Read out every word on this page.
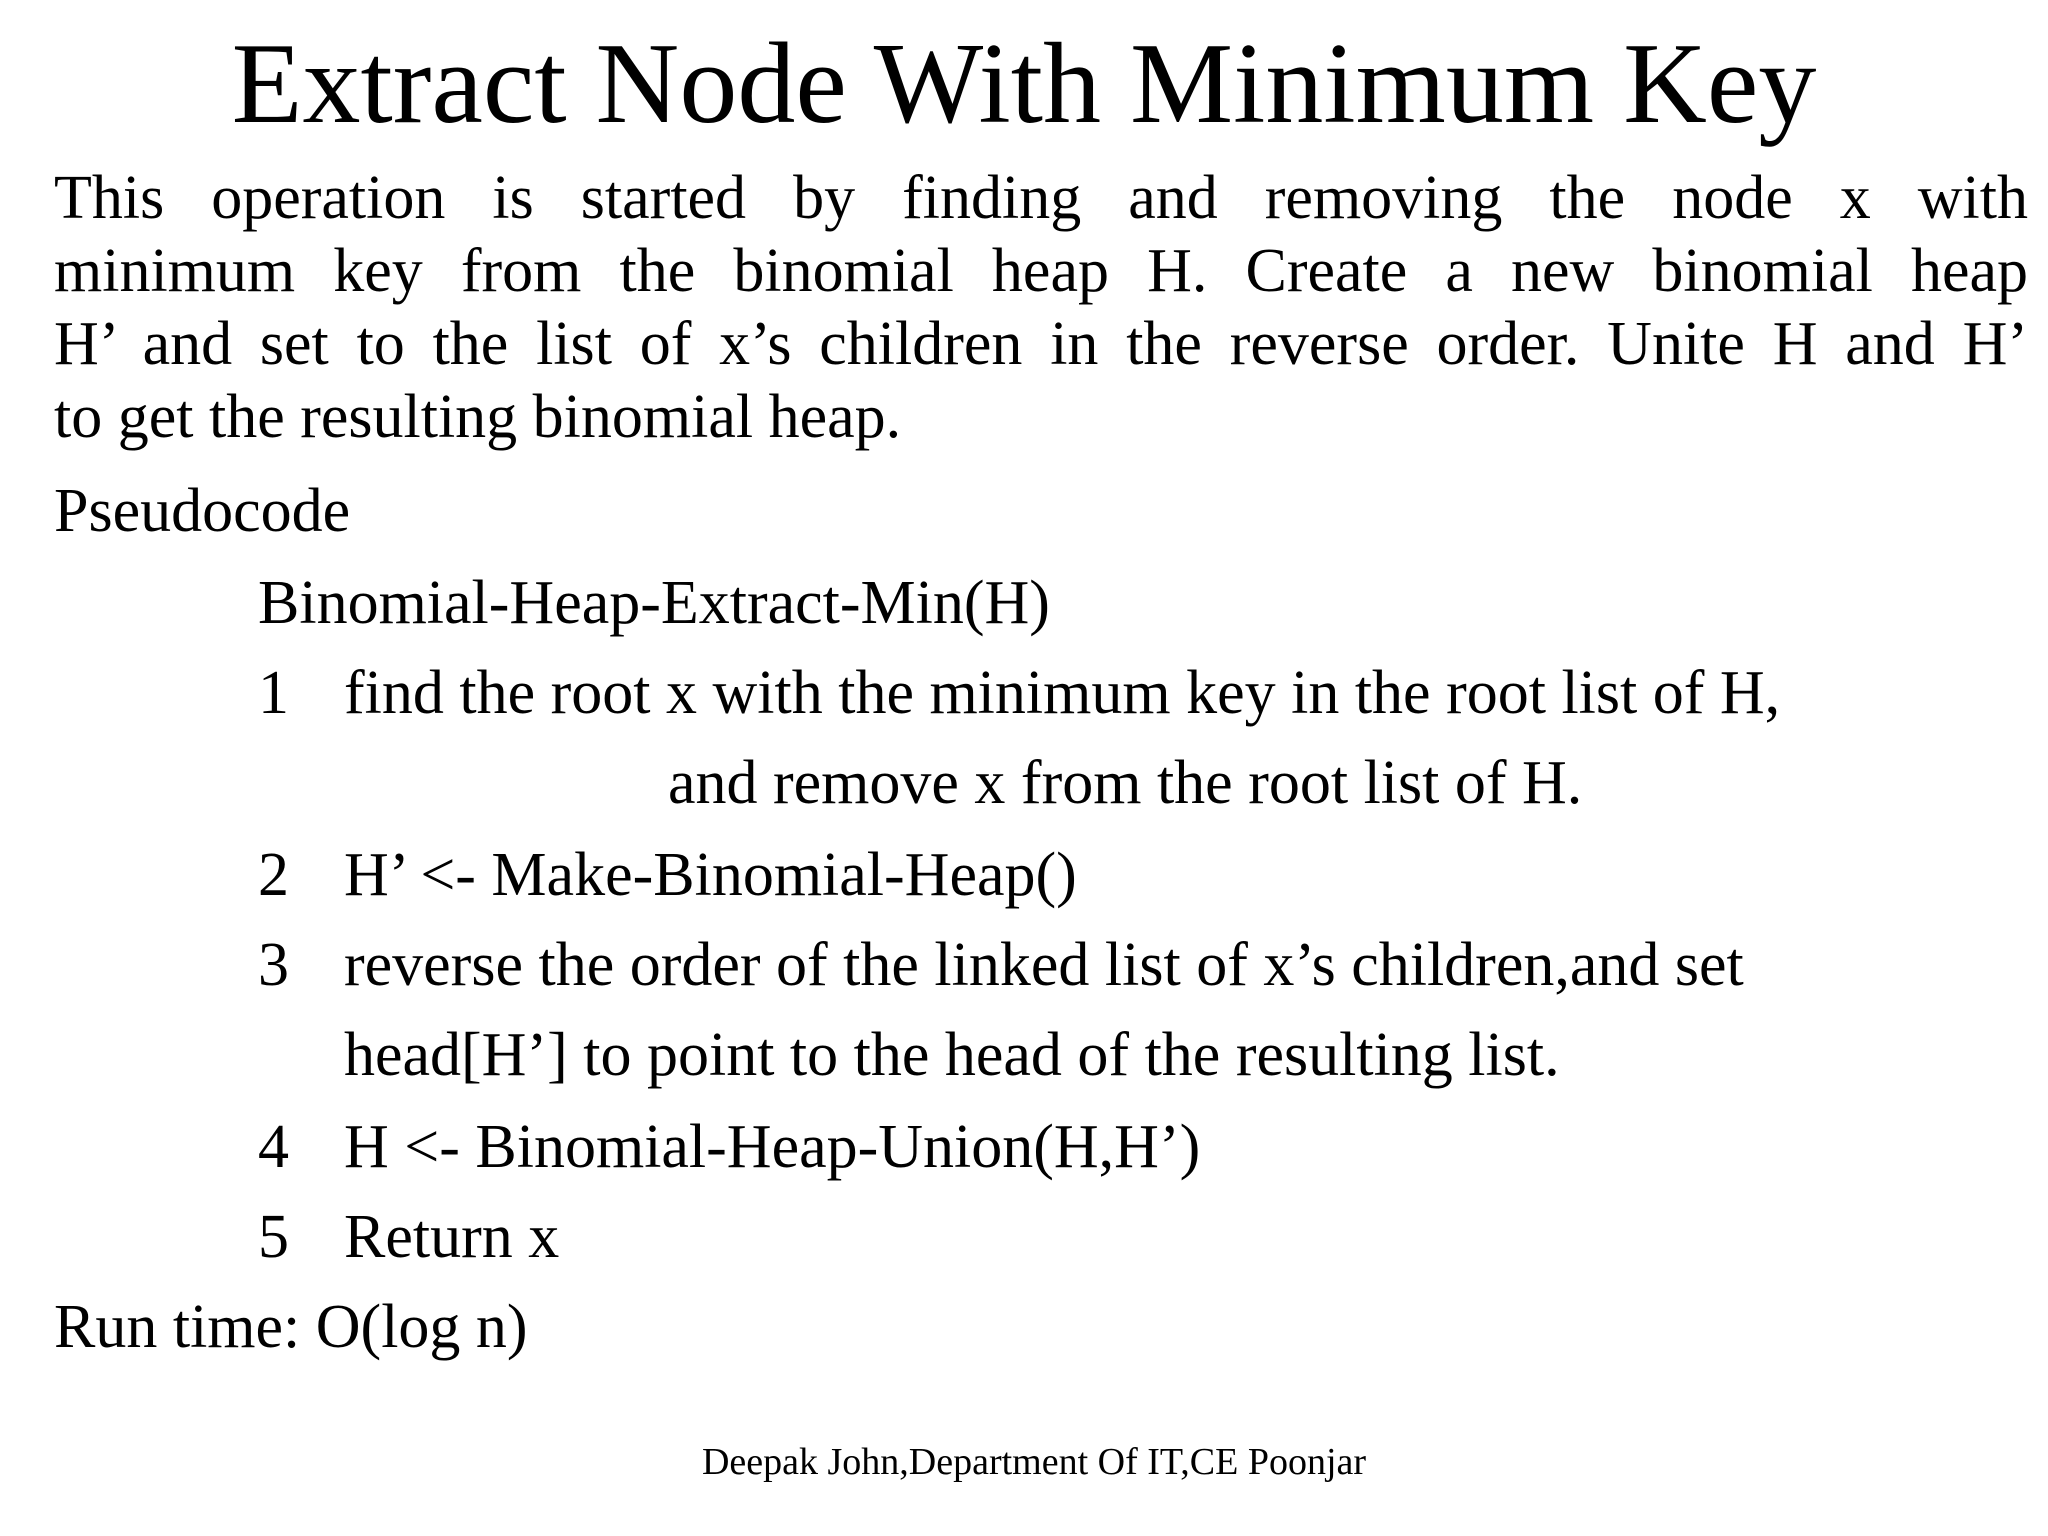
Extract Node With Minimum Key
This operation is started by finding and removing the node x with
minimum key from the binomial heap H. Create a new binomial heap
H’ and set to the list of x’s children in the reverse order. Unite H and H’
to get the resulting binomial heap.
Pseudocode
Binomial-Heap-Extract-Min(H)
1 find the root x with the minimum key in the root list of H,
and remove x from the root list of H.
2 H’ <- Make-Binomial-Heap()
3 reverse the order of the linked list of x’s children,and set
head[H’] to point to the head of the resulting list.
4 H <- Binomial-Heap-Union(H,H’)
5 Return x
Run time: O(log n)
Deepak John,Department Of IT,CE Poonjar
